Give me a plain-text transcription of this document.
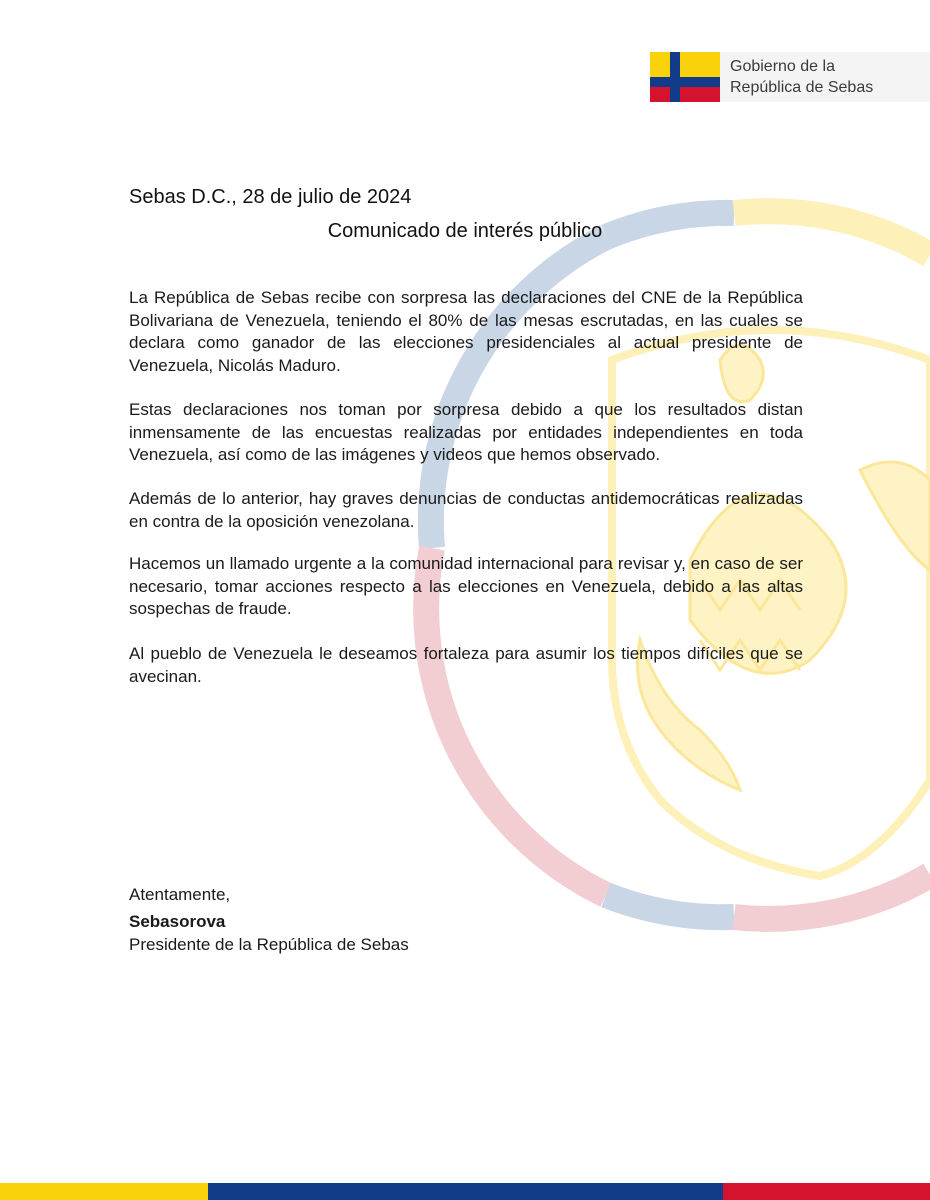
Gobierno de la
República de Sebas
Sebas D.C., 28 de julio de 2024
Comunicado de interés público

La República de Sebas recibe con sorpresa las declaraciones del CNE de la República Bolivariana de Venezuela, teniendo el 80% de las mesas escrutadas, en las cuales se declara como ganador de las elecciones presidenciales al actual presidente de Venezuela, Nicolás Maduro.

Estas declaraciones nos toman por sorpresa debido a que los resultados distan inmensamente de las encuestas realizadas por entidades independientes en toda Venezuela, así como de las imágenes y videos que hemos observado.

Además de lo anterior, hay graves denuncias de conductas antidemocráticas realizadas en contra de la oposición venezolana.

Hacemos un llamado urgente a la comunidad internacional para revisar y, en caso de ser necesario, tomar acciones respecto a las elecciones en Venezuela, debido a las altas sospechas de fraude.

Al pueblo de Venezuela le deseamos fortaleza para asumir los tiempos difíciles que se avecinan.

Atentamente,
Sebasorova
Presidente de la República de Sebas
